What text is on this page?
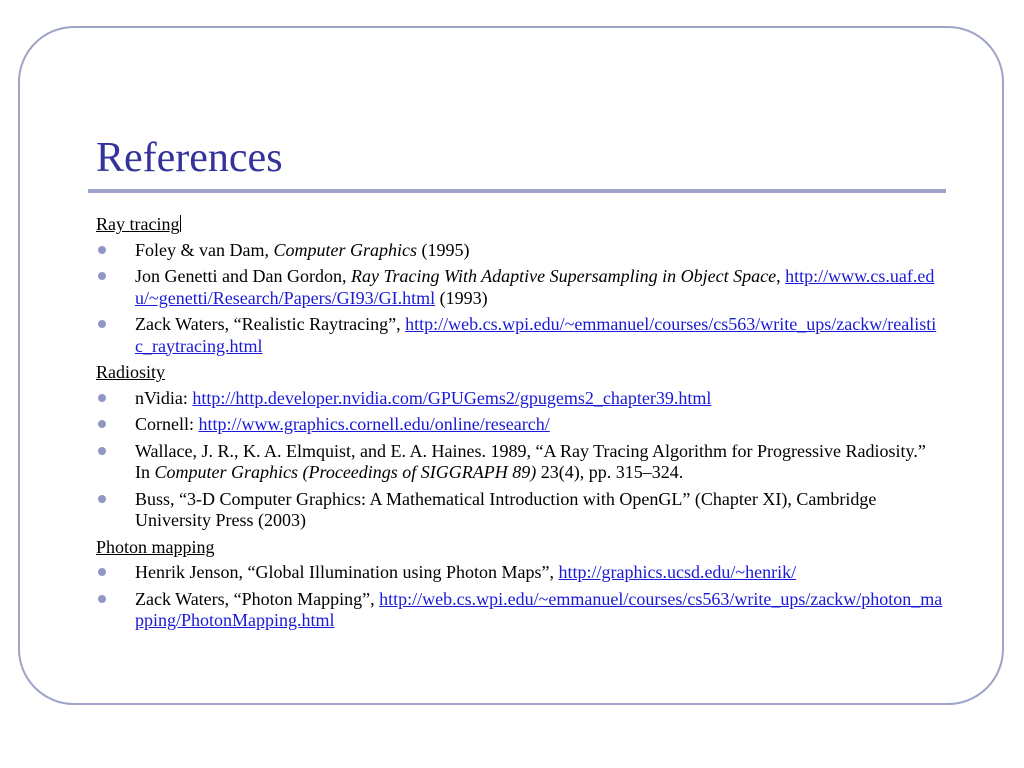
References
Ray tracing
Foley & van Dam, Computer Graphics (1995)
Jon Genetti and Dan Gordon, Ray Tracing With Adaptive Supersampling in Object Space, http://www.cs.uaf.edu/~genetti/Research/Papers/GI93/GI.html (1993)
Zack Waters, “Realistic Raytracing”, http://web.cs.wpi.edu/~emmanuel/courses/cs563/write_ups/zackw/realistic_raytracing.html
Radiosity
nVidia: http://http.developer.nvidia.com/GPUGems2/gpugems2_chapter39.html
Cornell: http://www.graphics.cornell.edu/online/research/
Wallace, J. R., K. A. Elmquist, and E. A. Haines. 1989, “A Ray Tracing Algorithm for Progressive Radiosity.” In Computer Graphics (Proceedings of SIGGRAPH 89) 23(4), pp. 315–324.
Buss, “3-D Computer Graphics: A Mathematical Introduction with OpenGL” (Chapter XI), Cambridge University Press (2003)
Photon mapping
Henrik Jenson, “Global Illumination using Photon Maps”, http://graphics.ucsd.edu/~henrik/
Zack Waters, “Photon Mapping”, http://web.cs.wpi.edu/~emmanuel/courses/cs563/write_ups/zackw/photon_mapping/PhotonMapping.html
